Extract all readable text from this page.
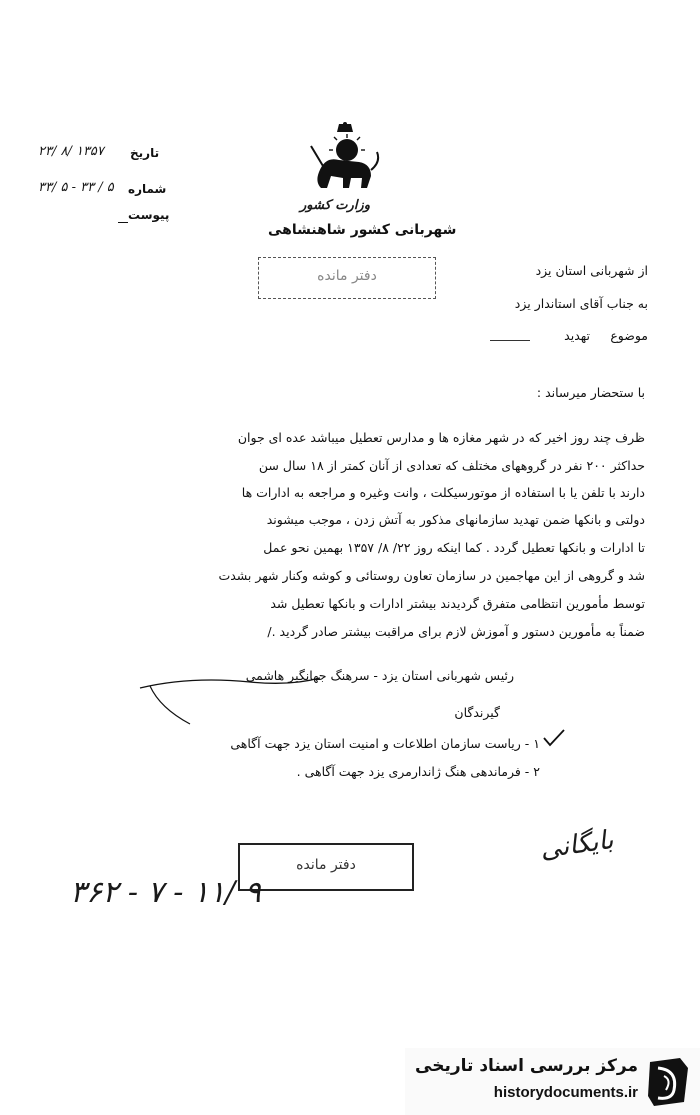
وزارت کشور
شهربانی کشور شاهنشاهی
تاریخ
۲۳/ ۸/ ۱۳۵۷
شماره
۳۳/ ۵ - ۳۳ / ۵
پیوست
دفتر مانده	از شهربانی استان یزد
به جناب آقای استاندار یزد
موضوع
تهدید
با ستحضار میرساند :
ظرف چند روز اخیر که در شهر مغازه ها و مدارس تعطیل میباشد عده ای جوان
حداکثر ۲۰۰ نفر در گروههای مختلف که تعدادی از آنان کمتر از ۱۸ سال سن
دارند با تلفن یا با استفاده از موتورسیکلت ، وانت وغیره و مراجعه به ادارات ها
دولتی و بانکها ضمن تهدید سازمانهای مذکور به آتش زدن ، موجب میشوند
تا ادارات و بانکها تعطیل گردد . کما اینکه روز ۲۲/ ۸/ ۱۳۵۷ بهمین نحو عمل
شد و گروهی از این مهاجمین در سازمان تعاون روستائی و کوشه وکنار شهر بشدت
توسط مأمورین انتظامی متفرق گردیدند بیشتر ادارات و بانکها تعطیل شد
ضمناً به مأمورین دستور و آموزش لازم برای مراقبت بیشتر صادر گردید ./
رئیس شهربانی استان یزد - سرهنگ جهانگیر هاشمی
گیرندگان
۱ - ریاست سازمان اطلاعات و امنیت استان یزد جهت آگاهی
۲ - فرماندهی هنگ ژاندارمری یزد جهت آگاهی .
دفتر مانده
بایگانی
۳۶۲ - ۷ - ۱۱/ ۹
مرکز بررسی اسناد تاریخی
historydocuments.ir
